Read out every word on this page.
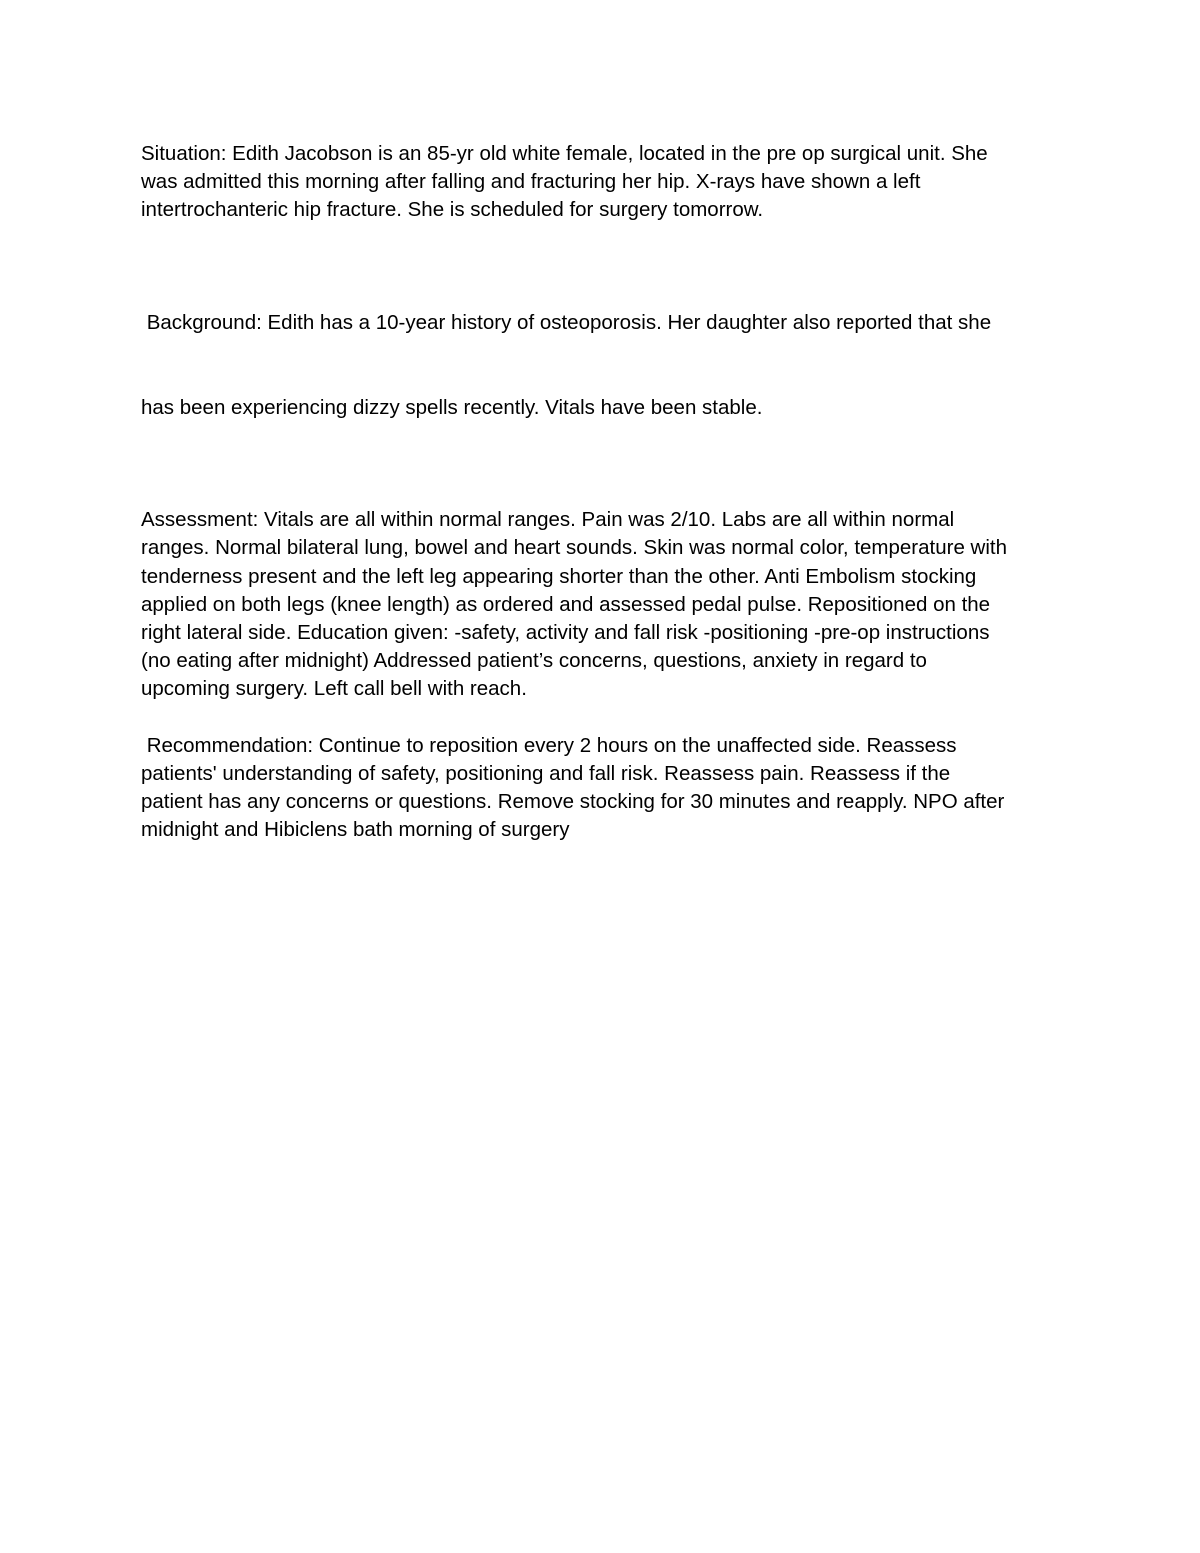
Situation: Edith Jacobson is an 85-yr old white female, located in the pre op surgical unit. She
was admitted this morning after falling and fracturing her hip. X-rays have shown a left
intertrochanteric hip fracture. She is scheduled for surgery tomorrow.

Background: Edith has a 10-year history of osteoporosis. Her daughter also reported that she

has been experiencing dizzy spells recently. Vitals have been stable.

Assessment: Vitals are all within normal ranges. Pain was 2/10. Labs are all within normal
ranges. Normal bilateral lung, bowel and heart sounds. Skin was normal color, temperature with
tenderness present and the left leg appearing shorter than the other. Anti Embolism stocking
applied on both legs (knee length) as ordered and assessed pedal pulse. Repositioned on the
right lateral side. Education given: -safety, activity and fall risk -positioning -pre-op instructions
(no eating after midnight) Addressed patient’s concerns, questions, anxiety in regard to
upcoming surgery. Left call bell with reach.

Recommendation: Continue to reposition every 2 hours on the unaffected side. Reassess
patients' understanding of safety, positioning and fall risk. Reassess pain. Reassess if the
patient has any concerns or questions. Remove stocking for 30 minutes and reapply. NPO after
midnight and Hibiclens bath morning of surgery
